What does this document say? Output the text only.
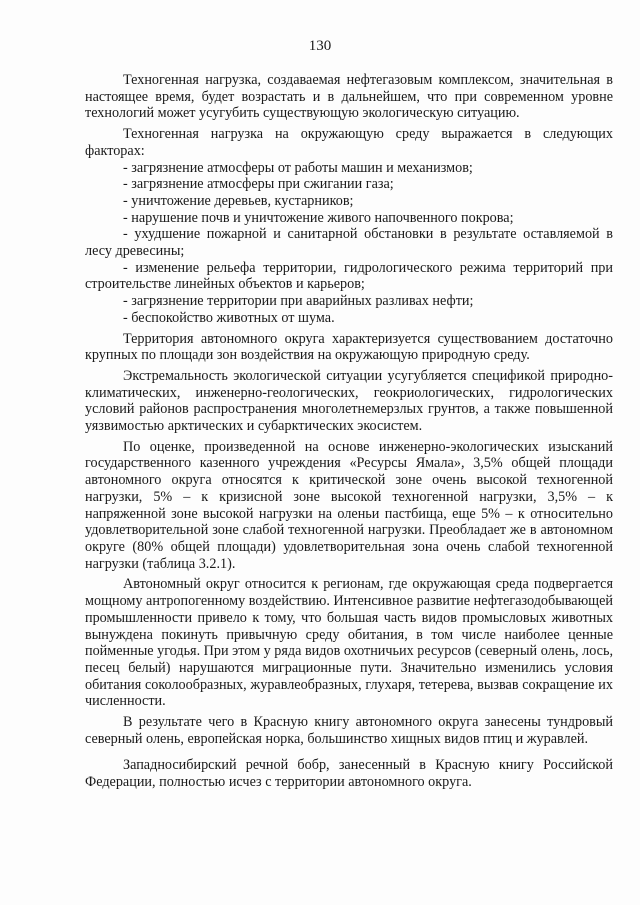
130

Техногенная нагрузка, создаваемая нефтегазовым комплексом, значительная в настоящее время, будет возрастать и в дальнейшем, что при современном уровне технологий может усугубить существующую экологическую ситуацию.

Техногенная нагрузка на окружающую среду выражается в следующих факторах:

- загрязнение атмосферы от работы машин и механизмов;

- загрязнение атмосферы при сжигании газа;

- уничтожение деревьев, кустарников;

- нарушение почв и уничтожение живого напочвенного покрова;

- ухудшение пожарной и санитарной обстановки в результате оставляемой в лесу древесины;

- изменение рельефа территории, гидрологического режима территорий при строительстве линейных объектов и карьеров;

- загрязнение территории при аварийных разливах нефти;

- беспокойство животных от шума.

Территория автономного округа характеризуется существованием достаточно крупных по площади зон воздействия на окружающую природную среду.

Экстремальность экологической ситуации усугубляется спецификой природно-климатических, инженерно-геологических, геокриологических, гидрологических условий районов распространения многолетнемерзлых грунтов, а также повышенной уязвимостью арктических и субарктических экосистем.

По оценке, произведенной на основе инженерно-экологических изысканий государственного казенного учреждения «Ресурсы Ямала», 3,5% общей площади автономного округа относятся к критической зоне очень высокой техногенной нагрузки, 5% – к кризисной зоне высокой техногенной нагрузки, 3,5% – к напряженной зоне высокой нагрузки на оленьи пастбища, еще 5% – к относительно удовлетворительной зоне слабой техногенной нагрузки. Преобладает же в автономном округе (80% общей площади) удовлетворительная зона очень слабой техногенной нагрузки (таблица 3.2.1).

Автономный округ относится к регионам, где окружающая среда подвергается мощному антропогенному воздействию. Интенсивное развитие нефтегазодобывающей промышленности привело к тому, что большая часть видов промысловых животных вынуждена покинуть привычную среду обитания, в том числе наиболее ценные пойменные угодья. При этом у ряда видов охотничьих ресурсов (северный олень, лось, песец белый) нарушаются миграционные пути. Значительно изменились условия обитания соколообразных, журавлеобразных, глухаря, тетерева, вызвав сокращение их численности.

В результате чего в Красную книгу автономного округа занесены тундровый северный олень, европейская норка, большинство хищных видов птиц и журавлей.

Западносибирский речной бобр, занесенный в Красную книгу Российской Федерации, полностью исчез с территории автономного округа.
